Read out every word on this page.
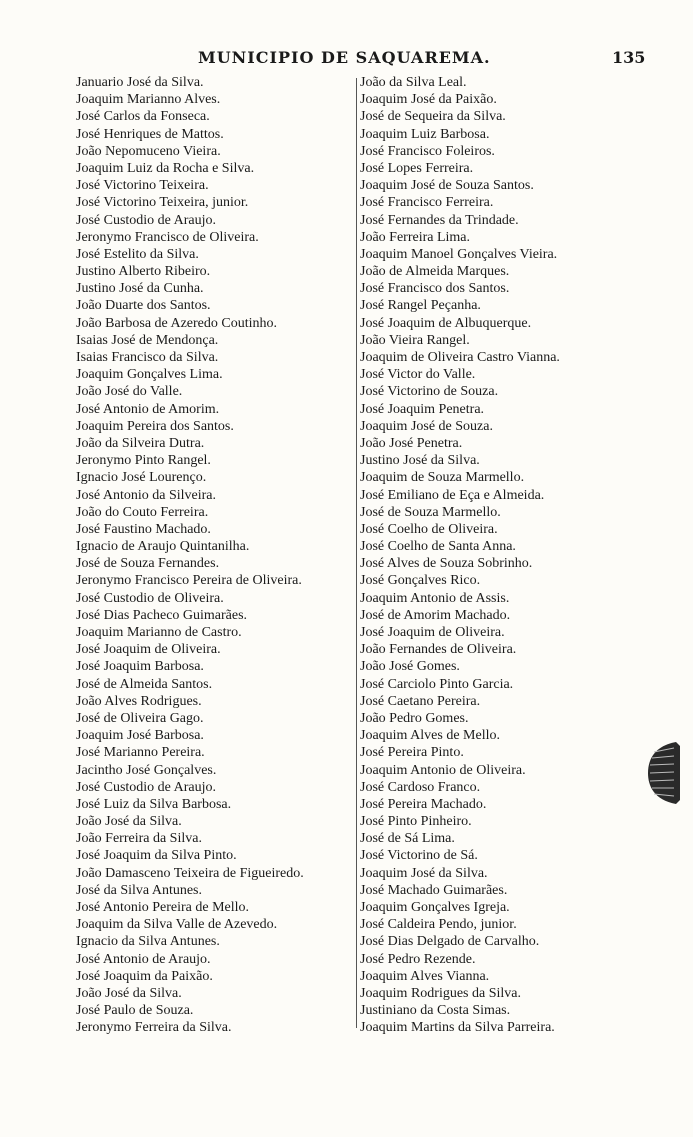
MUNICIPIO DE SAQUAREMA.	135
Januario José da Silva.
Joaquim Marianno Alves.
José Carlos da Fonseca.
José Henriques de Mattos.
João Nepomuceno Vieira.
Joaquim Luiz da Rocha e Silva.
José Victorino Teixeira.
José Victorino Teixeira, junior.
José Custodio de Araujo.
Jeronymo Francisco de Oliveira.
José Estelito da Silva.
Justino Alberto Ribeiro.
Justino José da Cunha.
João Duarte dos Santos.
João Barbosa de Azeredo Coutinho.
Isaias José de Mendonça.
Isaias Francisco da Silva.
Joaquim Gonçalves Lima.
João José do Valle.
José Antonio de Amorim.
Joaquim Pereira dos Santos.
João da Silveira Dutra.
Jeronymo Pinto Rangel.
Ignacio José Lourenço.
José Antonio da Silveira.
João do Couto Ferreira.
José Faustino Machado.
Ignacio de Araujo Quintanilha.
José de Souza Fernandes.
Jeronymo Francisco Pereira de Oliveira.
José Custodio de Oliveira.
José Dias Pacheco Guimarães.
Joaquim Marianno de Castro.
José Joaquim de Oliveira.
José Joaquim Barbosa.
José de Almeida Santos.
João Alves Rodrigues.
José de Oliveira Gago.
Joaquim José Barbosa.
José Marianno Pereira.
Jacintho José Gonçalves.
José Custodio de Araujo.
José Luiz da Silva Barbosa.
João José da Silva.
João Ferreira da Silva.
José Joaquim da Silva Pinto.
João Damasceno Teixeira de Figueiredo.
José da Silva Antunes.
José Antonio Pereira de Mello.
Joaquim da Silva Valle de Azevedo.
Ignacio da Silva Antunes.
José Antonio de Araujo.
José Joaquim da Paixão.
João José da Silva.
José Paulo de Souza.
Jeronymo Ferreira da Silva.
João da Silva Leal.
Joaquim José da Paixão.
José de Sequeira da Silva.
Joaquim Luiz Barbosa.
José Francisco Foleiros.
José Lopes Ferreira.
Joaquim José de Souza Santos.
José Francisco Ferreira.
José Fernandes da Trindade.
João Ferreira Lima.
Joaquim Manoel Gonçalves Vieira.
João de Almeida Marques.
José Francisco dos Santos.
José Rangel Peçanha.
José Joaquim de Albuquerque.
João Vieira Rangel.
Joaquim de Oliveira Castro Vianna.
José Victor do Valle.
José Victorino de Souza.
José Joaquim Penetra.
Joaquim José de Souza.
João José Penetra.
Justino José da Silva.
Joaquim de Souza Marmello.
José Emiliano de Eça e Almeida.
José de Souza Marmello.
José Coelho de Oliveira.
José Coelho de Santa Anna.
José Alves de Souza Sobrinho.
José Gonçalves Rico.
Joaquim Antonio de Assis.
José de Amorim Machado.
José Joaquim de Oliveira.
João Fernandes de Oliveira.
João José Gomes.
José Carciolo Pinto Garcia.
José Caetano Pereira.
João Pedro Gomes.
Joaquim Alves de Mello.
José Pereira Pinto.
Joaquim Antonio de Oliveira.
José Cardoso Franco.
José Pereira Machado.
José Pinto Pinheiro.
José de Sá Lima.
José Victorino de Sá.
Joaquim José da Silva.
José Machado Guimarães.
Joaquim Gonçalves Igreja.
José Caldeira Pendo, junior.
José Dias Delgado de Carvalho.
José Pedro Rezende.
Joaquim Alves Vianna.
Joaquim Rodrigues da Silva.
Justiniano da Costa Simas.
Joaquim Martins da Silva Parreira.
